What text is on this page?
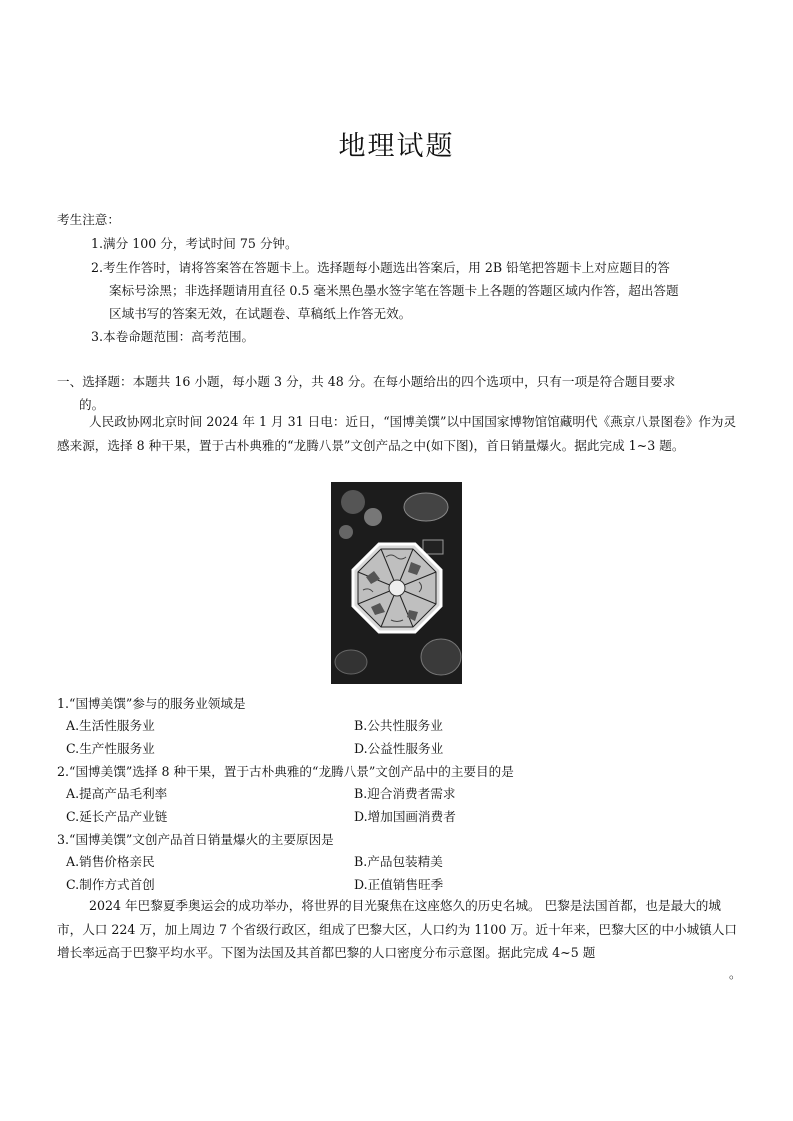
地理试题
考生注意：
1.满分 100 分，考试时间 75 分钟。
2.考生作答时，请将答案答在答题卡上。选择题每小题选出答案后，用 2B 铅笔把答题卡上对应题目的答
案标号涂黑；非选择题请用直径 0.5 毫米黑色墨水签字笔在答题卡上各题的答题区域内作答，超出答题
区域书写的答案无效，在试题卷、草稿纸上作答无效。
3.本卷命题范围：高考范围。
一、选择题：本题共 16 小题，每小题 3 分，共 48 分。在每小题给出的四个选项中，只有一项是符合题目要求
的。
人民政协网北京时间 2024 年 1 月 31 日电：近日，“国博美馔”以中国国家博物馆馆藏明代《燕京八景图卷》作为灵感来源，选择 8 种干果，置于古朴典雅的“龙腾八景”文创产品之中(如下图)，首日销量爆火。据此完成 1~3 题。
1.“国博美馔”参与的服务业领域是
A.生活性服务业	B.公共性服务业
C.生产性服务业	D.公益性服务业
2.“国博美馔”选择 8 种干果，置于古朴典雅的“龙腾八景”文创产品中的主要目的是
A.提高产品毛利率	B.迎合消费者需求
C.延长产品产业链	D.增加国画消费者
3.“国博美馔”文创产品首日销量爆火的主要原因是
A.销售价格亲民	B.产品包装精美
C.制作方式首创	D.正值销售旺季
2024 年巴黎夏季奥运会的成功举办，将世界的目光聚焦在这座悠久的历史名城。 巴黎是法国首都，也是最大的城市，人口 224 万，加上周边 7 个省级行政区，组成了巴黎大区，人口约为 1100 万。近十年来，巴黎大区的中小城镇人口增长率远高于巴黎平均水平。下图为法国及其首都巴黎的人口密度分布示意图。据此完成 4~5 题
。
